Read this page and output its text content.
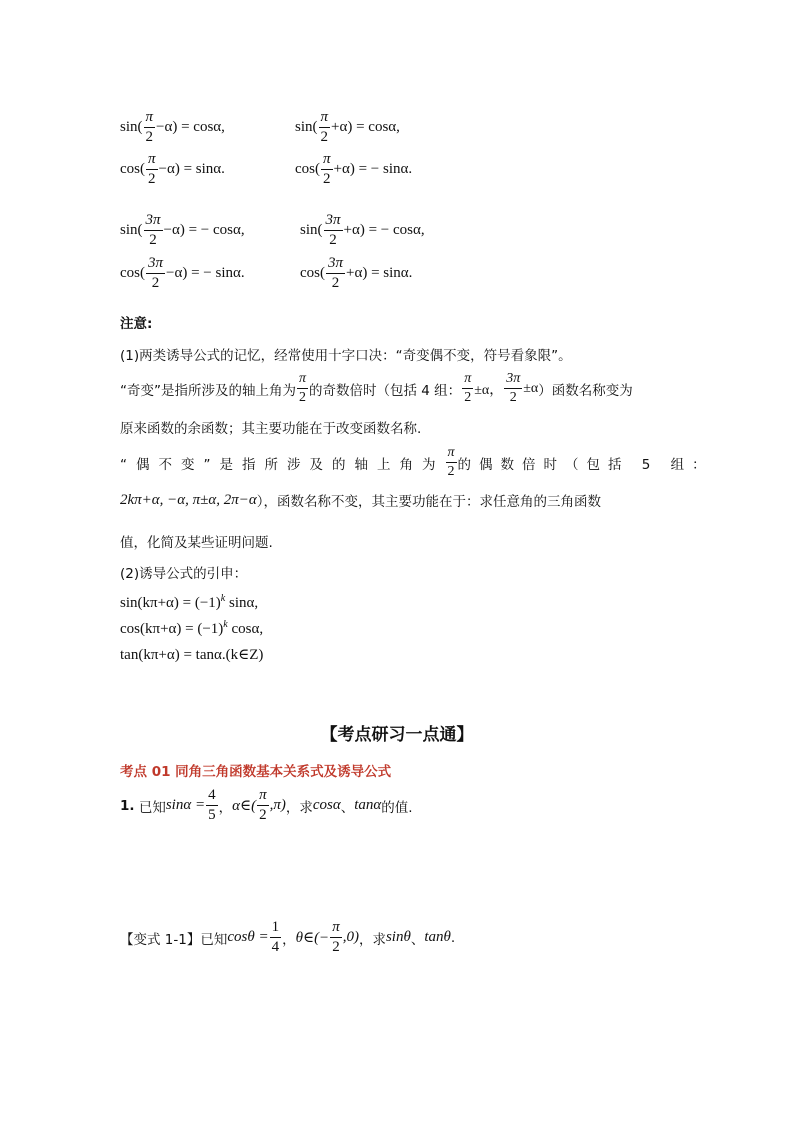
$\sin( \frac{\pi}{2} -\alpha) = \cos\alpha$,	$\sin( \frac{\pi}{2} +\alpha) = \cos\alpha$,
$\cos( \frac{\pi}{2} -\alpha) = \sin\alpha$.	$\cos( \frac{\pi}{2} +\alpha)$ = − sinα.
$\sin( \frac{3\pi}{2} -\alpha)$ = − cosα,	$\sin( \frac{3\pi}{2} +\alpha)$ = − cosα,
$\cos( \frac{3\pi}{2} -\alpha)$ = − sinα.	$\cos( \frac{3\pi}{2} +\alpha) = \sin\alpha$.
注意:
(1)两类诱导公式的记忆，经常使用十字口决：“奇变偶不变，符号看象限”。
“奇变”是指所涉及的轴上角为 $\frac{\pi}{2}$ 的奇数倍时（包括 4 组： $\frac{\pi}{2} \pm\alpha$， $\frac{3\pi}{2} \pm\alpha$ ）函数名称变为
原来函数的余函数；其主要功能在于改变函数名称.
“偶不变”是指所涉及的轴上角为 $\frac{\pi}{2}$ 的偶数倍时（包括 5 组：
2kπ+α, −α, π±α, 2π−α ），函数名称不变，其主要功能在于：求任意角的三角函数
值，化简及某些证明问题.
(2)诱导公式的引申：
$\sin(k\pi+\alpha) = (-1)^k$ sinα,
$\cos(k\pi+\alpha) = (-1)^k$ cosα,
tan(kπ+α) = tanα.(k∈Z)
【考点研习一点通】
考点 01 同角三角函数基本关系式及诱导公式
1.
已知 $\sin\alpha = \frac{4}{5}$ ， α∈( $\frac{\pi}{2} ,\pi$) ，求 cosα 、 tanα 的值.
【变式 1-1】 已知 $\cos\theta = \frac{1}{4}$ ， θ∈(− $\frac{\pi}{2} ,0$) ，求 sinθ 、 tanθ .
